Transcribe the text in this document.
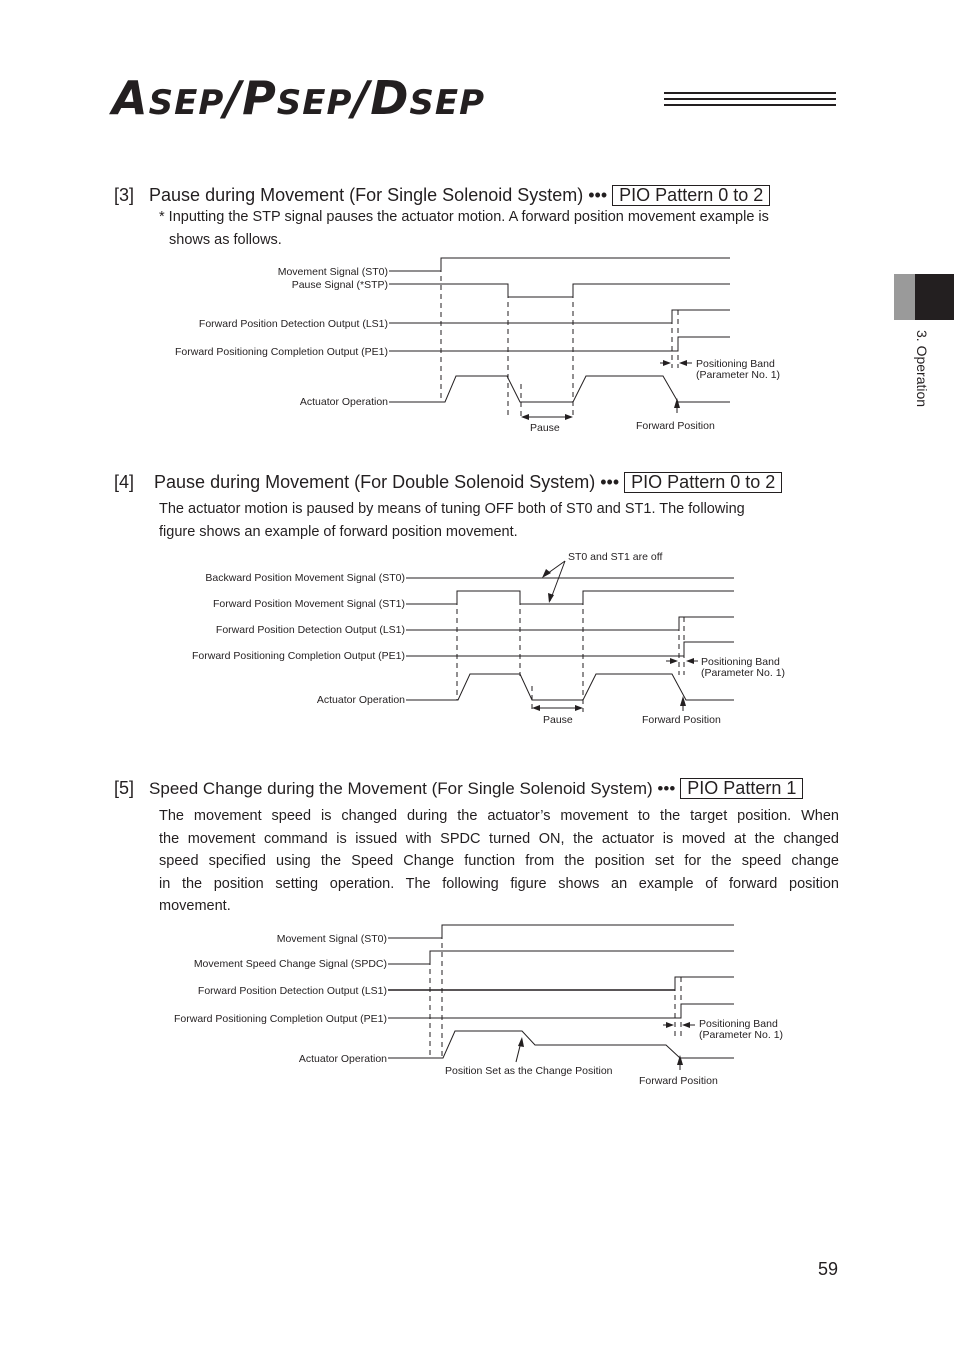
ASEP/PSEP/DSEP
3. Operation
[3] Pause during Movement (For Single Solenoid System) ••• PIO Pattern 0 to 2
* Inputting the STP signal pauses the actuator motion. A forward position movement example is
shows as follows.
Movement Signal (ST0)
Pause Signal (*STP)
Forward Position Detection Output (LS1)
Forward Positioning Completion Output (PE1)
Actuator Operation
Positioning Band
(Parameter No. 1)
Pause	Forward Position
[4] Pause during Movement (For Double Solenoid System) ••• PIO Pattern 0 to 2
The actuator motion is paused by means of tuning OFF both of ST0 and ST1. The following
figure shows an example of forward position movement.
Backward Position Movement Signal (ST0)
Forward Position Movement Signal (ST1)
Forward Position Detection Output (LS1)
Forward Positioning Completion Output (PE1)
Actuator Operation
ST0 and ST1 are off
Positioning Band
(Parameter No. 1)
Pause	Forward Position
[5] Speed Change during the Movement (For Single Solenoid System) ••• PIO Pattern 1
The movement speed is changed during the actuator’s movement to the target position. When
the movement command is issued with SPDC turned ON, the actuator is moved at the changed
speed specified using the Speed Change function from the position set for the speed change
in the position setting operation. The following figure shows an example of forward position
movement.
Movement Signal (ST0)
Movement Speed Change Signal (SPDC)
Forward Position Detection Output (LS1)
Forward Positioning Completion Output (PE1)
Actuator Operation
Positioning Band
(Parameter No. 1)
Position Set as the Change Position
Forward Position
59
